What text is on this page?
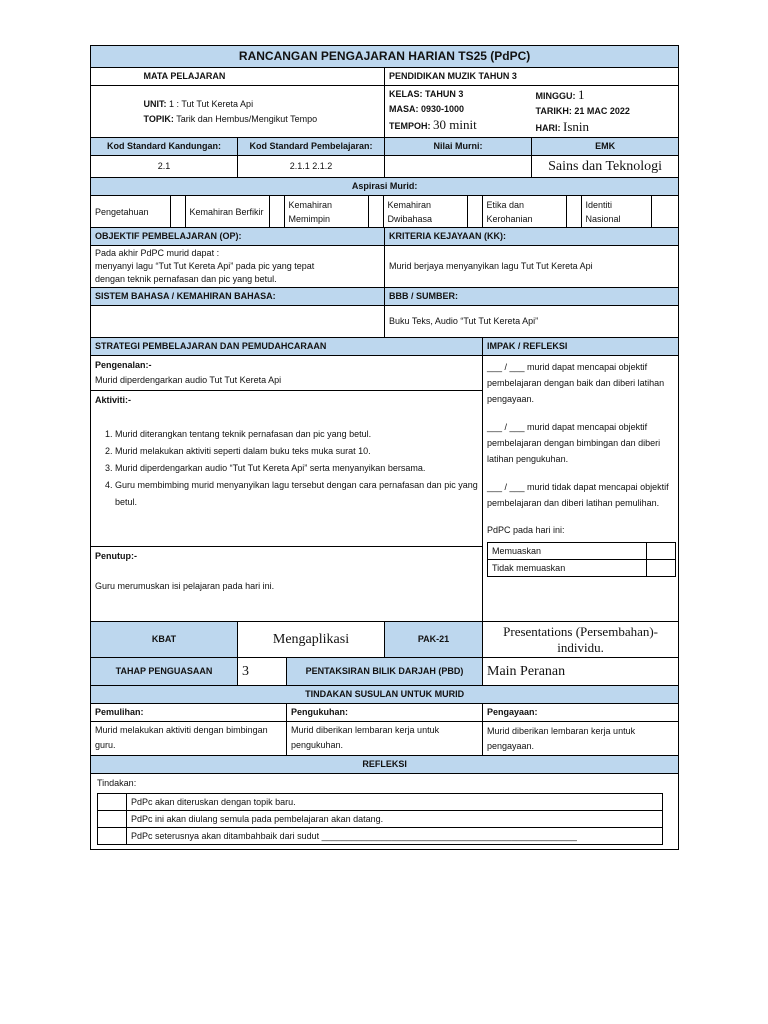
RANCANGAN PENGAJARAN HARIAN TS25 (PdPC)
	MATA PELAJARAN	PENDIDIKAN MUZIK TAHUN 3

UNIT: 1 : Tut Tut Kereta Api
TOPIK: Tarik dan Hembus/Mengikut Tempo

KELAS: TAHUN 3
MASA: 0930-1000
TEMPOH: 30 minit

MINGGU: 1
TARIKH: 21 MAC 2022
HARI: Isnin

Kod Standard Kandungan:	Kod Standard Pembelajaran:	Nilai Murni:	EMK
2.1	2.1.1 2.1.2		Sains dan Teknologi
Aspirasi Murid:

Pengetahuan		Kemahiran Berfikir		Kemahiran Memimpin		Kemahiran Dwibahasa		Etika dan Kerohanian		Identiti Nasional	

OBJEKTIF PEMBELAJARAN (OP):	KRITERIA KEJAYAAN (KK):

Pada akhir PdPC murid dapat :
menyanyi lagu “Tut Tut Kereta Api” pada pic yang tepat
dengan teknik pernafasan dan pic yang betul.
	Murid berjaya menyanyikan lagu Tut Tut Kereta Api
SISTEM BAHASA / KEMAHIRAN BAHASA:	BBB / SUMBER:
	Buku Teks, Audio “Tut Tut Kereta Api”
STRATEGI PEMBELAJARAN DAN PEMUDAHCARAAN	IMPAK / REFLEKSI

Pengenalan:-
Murid diperdengarkan audio Tut Tut Kereta Api
Aktiviti:-
1. Murid diterangkan tentang teknik pernafasan dan pic yang betul.
2. Murid melakukan aktiviti seperti dalam buku teks muka surat 10.
3. Murid diperdengarkan audio “Tut Tut Kereta Api” serta menyanyikan bersama.
4. Guru membimbing murid menyanyikan lagu tersebut dengan cara pernafasan dan pic yang betul.
Penutup:-
Guru merumuskan isi pelajaran pada hari ini.

___ / ___ murid dapat mencapai objektif pembelajaran dengan baik dan diberi latihan pengayaan.

___ / ___ murid dapat mencapai objektif pembelajaran dengan bimbingan dan diberi latihan pengukuhan.

___ / ___ murid tidak dapat mencapai objektif pembelajaran dan diberi latihan pemulihan.

PdPC pada hari ini:
Memuaskan	
Tidak memuaskan	

KBAT	Mengaplikasi	PAK-21	Presentations (Persembahan)-individu.
TAHAP PENGUASAAN	3	PENTAKSIRAN BILIK DARJAH (PBD)	Main Peranan
TINDAKAN SUSULAN UNTUK MURID
Pemulihan:	Pengukuhan:	Pengayaan:
Murid melakukan aktiviti dengan bimbingan guru.	Murid diberikan lembaran kerja untuk pengukuhan.	Murid diberikan lembaran kerja untuk pengayaan.
REFLEKSI

Tindakan:
	PdPc akan diteruskan dengan topik baru.
	PdPc ini akan diulang semula pada pembelajaran akan datang.
	PdPc seterusnya akan ditambahbaik dari sudut ___________________________________________________
